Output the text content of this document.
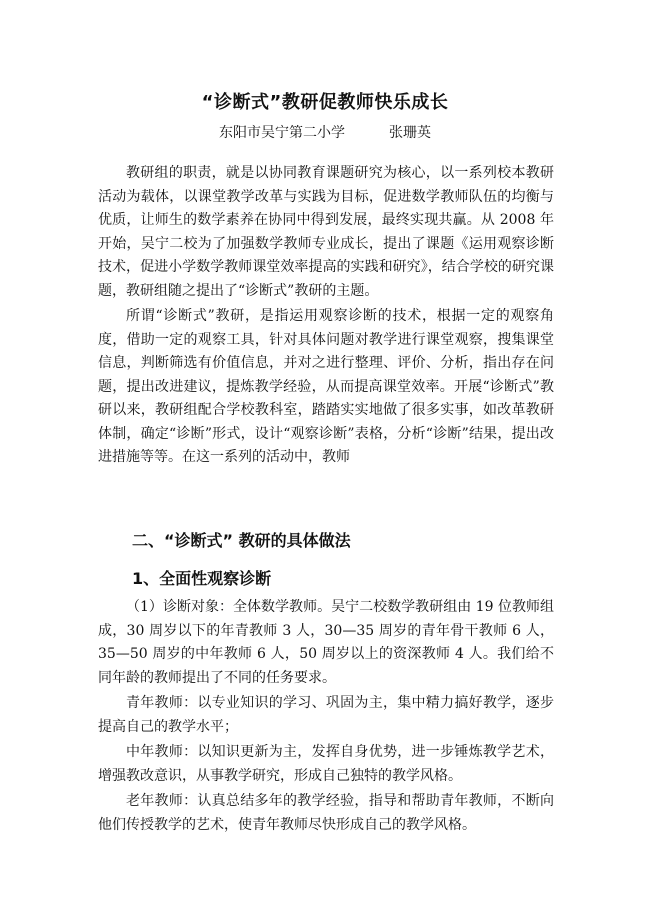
“诊断式”教研促教师快乐成长
东阳市吴宁第二小学	张珊英

教研组的职责，就是以协同教育课题研究为核心，以一系列校本教研活动为载体，以课堂教学改革与实践为目标，促进数学教师队伍的均衡与优质，让师生的数学素养在协同中得到发展，最终实现共赢。从 2008 年开始，吴宁二校为了加强数学教师专业成长，提出了课题《运用观察诊断技术，促进小学数学教师课堂效率提高的实践和研究》，结合学校的研究课题，教研组随之提出了“诊断式”教研的主题。

所谓“诊断式”教研，是指运用观察诊断的技术，根据一定的观察角度，借助一定的观察工具，针对具体问题对教学进行课堂观察，搜集课堂信息，判断筛选有价值信息，并对之进行整理、评价、分析，指出存在问题，提出改进建议，提炼教学经验，从而提高课堂效率。开展“诊断式”教研以来，教研组配合学校教科室，踏踏实实地做了很多实事，如改革教研体制，确定“诊断”形式，设计“观察诊断”表格，分析“诊断”结果，提出改进措施等等。在这一系列的活动中，教师

二、“诊断式” 教研的具体做法
1、全面性观察诊断

（1）诊断对象：全体数学教师。吴宁二校数学教研组由 19 位教师组成，30 周岁以下的年青教师 3 人，30—35 周岁的青年骨干教师 6 人，35—50 周岁的中年教师 6 人，50 周岁以上的资深教师 4 人。我们给不同年龄的教师提出了不同的任务要求。

青年教师：以专业知识的学习、巩固为主，集中精力搞好教学，逐步提高自己的教学水平；

中年教师：以知识更新为主，发挥自身优势，进一步锤炼教学艺术，增强教改意识，从事教学研究，形成自己独特的教学风格。

老年教师：认真总结多年的教学经验，指导和帮助青年教师，不断向他们传授教学的艺术，使青年教师尽快形成自己的教学风格。
